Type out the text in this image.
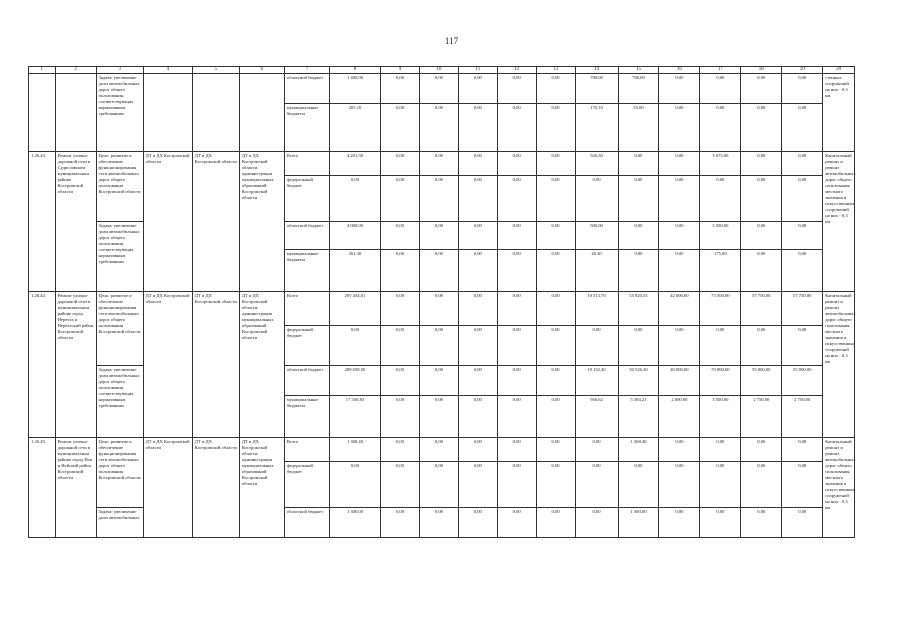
117
1	2	3	4	5	6	7	8	9	10	11	12	13	14	15	16	17	18	19	20
		Задача: увеличение доли автомобильных дорог общего пользования, соответствующих нормативным требованиям				областной бюджет	1 400,00	0,00	0,00	0,00	0,00	0,00	700,00	700,00	0,00	0,00	0,00	0,00	стенных сооружений на них - 0,3 км
						муниципальные бюджеты	205,10	0,00	0,00	0,00	0,00	0,00	170,10	35,00	0,00	0,00	0,00	0,00	
1.26.43.	Ремонт улично-дорожной сети в Судиславском муниципальном районе Костромской области	Цель: развитие и обеспечение функционирования сети автомобильных дорог общего пользования Костромской области	ДТ и ДХ Костромской области	ДТ и ДХ Костромской области	ДТ и ДХ Костромской области, администрация муниципальных образований Костромской области	Всего	4 201,30	0,00	0,00	0,00	0,00	0,00	526,30	0,00	0,00	3 675,00	0,00	0,00	Капитальный ремонт и ремонт автомобильных дорог общего пользования местного значения и искусственных сооружений на них - 0,3 км
						федеральный бюджет	0,00	0,00	0,00	0,00	0,00	0,00	0,00	0,00	0,00	0,00	0,00	0,00	
		Задача: увеличение доли автомобильных дорог общего пользования, соответствующих нормативным требованиям				областной бюджет	4 000,00	0,00	0,00	0,00	0,00	0,00	500,00	0,00	0,00	3 500,00	0,00	0,00	
						муниципальные бюджеты	201,30	0,00	0,00	0,00	0,00	0,00	26,30	0,00	0,00	175,00	0,00	0,00	
1.26.44.	Ремонт улично-дорожной сети в муниципальном районе город Нерехта и Нерехтский район Костромской области	Цель: развитие и обеспечение функционирования сети автомобильных дорог общего пользования Костромской области	ДТ и ДХ Костромской области	ДТ и ДХ Костромской области	ДТ и ДХ Костромской области, администрация муниципальных образований Костромской области	Всего	297 454,01	0,00	0,00	0,00	0,00	0,00	10 513,70	55 920,51	42 000,00	73 500,00	57 750,00	57 750,00	Капитальный ремонт и ремонт автомобильных дорог общего пользования местного значения и искусственных сооружений на них - 0,3 км
						федеральный бюджет	0,00	0,00	0,00	0,00	0,00	0,00	0,00	0,00	0,00	0,00	0,00	0,00	
		Задача: увеличение доли автомобильных дорог общего пользования, соответствующих нормативным требованиям				областной бюджет	289 658,50	0,00	0,00	0,00	0,00	0,00	19 132,40	50 526,30	40 000,00	70 000,00	55 000,00	55 000,00	
						муниципальные бюджеты	17 350,83	0,00	0,00	0,00	0,00	0,00	956,62	5 394,21	2 000,00	3 500,00	2 750,00	2 750,00	
1.26.45.	Ремонт улично-дорожной сети в муниципальном районе город Нея и Нейский район Костромской области	Цель: развитие и обеспечение функционирования сети автомобильных дорог общего пользования Костромской области	ДТ и ДХ Костромской области	ДТ и ДХ Костромской области	ДТ и ДХ Костромской области, администрация муниципальных образований Костромской области	Всего	1 368,40	0,00	0,00	0,00	0,00	0,00	0,00	1 368,40	0,00	0,00	0,00	0,00	Капитальный ремонт и ремонт автомобильных дорог общего пользования местного значения и искусственных сооружений на них - 0,3 км
						федеральный бюджет	0,00	0,00	0,00	0,00	0,00	0,00	0,00	0,00	0,00	0,00	0,00	0,00	
		Задача: увеличение доли автомобильных				областной бюджет	1 300,00	0,00	0,00	0,00	0,00	0,00	0,00	1 300,00	0,00	0,00	0,00	0,00	
